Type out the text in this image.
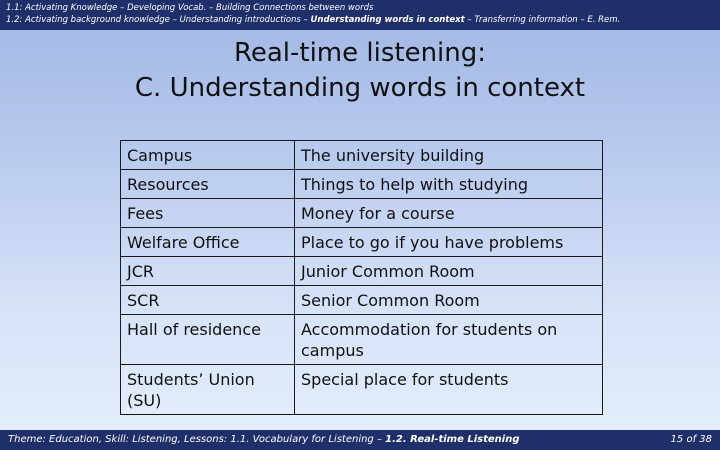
1.1: Activating Knowledge – Developing Vocab. – Building Connections between words
1.2: Activating background knowledge – Understanding introductions – Understanding words in context – Transferring information – E. Rem.
Real-time listening:
C. Understanding words in context
Campus	The university building
Resources	Things to help with studying
Fees	Money for a course
Welfare Office	Place to go if you have problems
JCR	Junior Common Room
SCR	Senior Common Room
Hall of residence	Accommodation for students on campus
Students’ Union (SU)	Special place for students
Theme: Education, Skill: Listening, Lessons: 1.1. Vocabulary for Listening – 1.2. Real-time Listening	15 of 38
